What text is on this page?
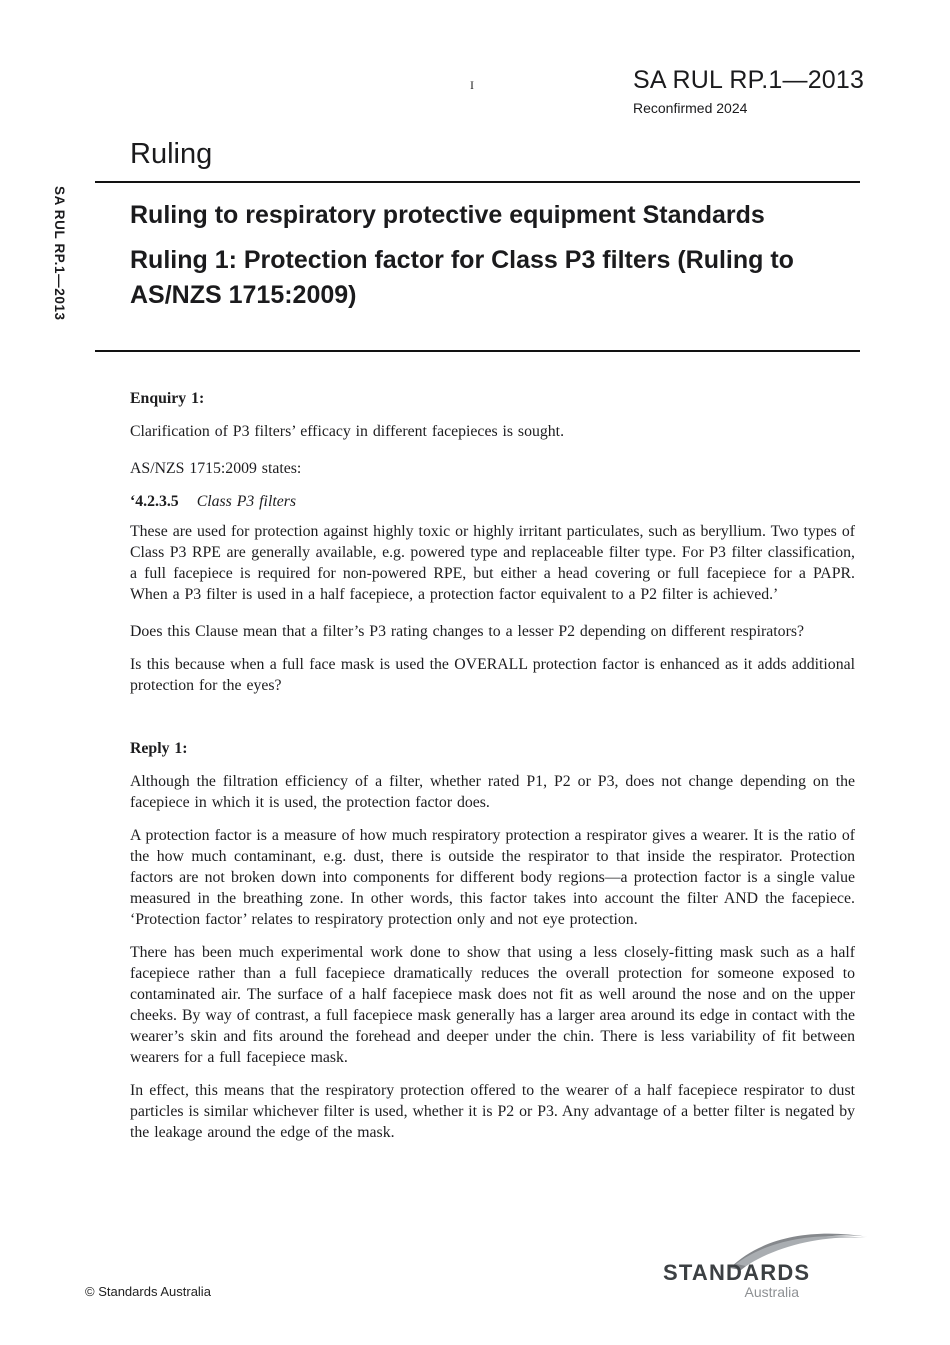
I	SA RUL RP.1—2013
Reconfirmed 2024
SA RUL RP.1—2013
Ruling
Ruling to respiratory protective equipment Standards
Ruling 1: Protection factor for Class P3 filters (Ruling to AS/NZS 1715:2009)

Enquiry 1:

Clarification of P3 filters’ efficacy in different facepieces is sought.

AS/NZS 1715:2009 states:

‘4.2.3.5 Class P3 filters

These are used for protection against highly toxic or highly irritant particulates, such as beryllium. Two types of Class P3 RPE are generally available, e.g. powered type and replaceable filter type. For P3 filter classification, a full facepiece is required for non-powered RPE, but either a head covering or full facepiece for a PAPR. When a P3 filter is used in a half facepiece, a protection factor equivalent to a P2 filter is achieved.’

Does this Clause mean that a filter’s P3 rating changes to a lesser P2 depending on different respirators?

Is this because when a full face mask is used the OVERALL protection factor is enhanced as it adds additional protection for the eyes?

Reply 1:

Although the filtration efficiency of a filter, whether rated P1, P2 or P3, does not change depending on the facepiece in which it is used, the protection factor does.

A protection factor is a measure of how much respiratory protection a respirator gives a wearer. It is the ratio of the how much contaminant, e.g. dust, there is outside the respirator to that inside the respirator. Protection factors are not broken down into components for different body regions—a protection factor is a single value measured in the breathing zone. In other words, this factor takes into account the filter AND the facepiece. ‘Protection factor’ relates to respiratory protection only and not eye protection.

There has been much experimental work done to show that using a less closely-fitting mask such as a half facepiece rather than a full facepiece dramatically reduces the overall protection for someone exposed to contaminated air. The surface of a half facepiece mask does not fit as well around the nose and on the upper cheeks. By way of contrast, a full facepiece mask generally has a larger area around its edge in contact with the wearer’s skin and fits around the forehead and deeper under the chin. There is less variability of fit between wearers for a full facepiece mask.

In effect, this means that the respiratory protection offered to the wearer of a half facepiece respirator to dust particles is similar whichever filter is used, whether it is P2 or P3. Any advantage of a better filter is negated by the leakage around the edge of the mask.

© Standards Australia
STANDARDS
Australia
